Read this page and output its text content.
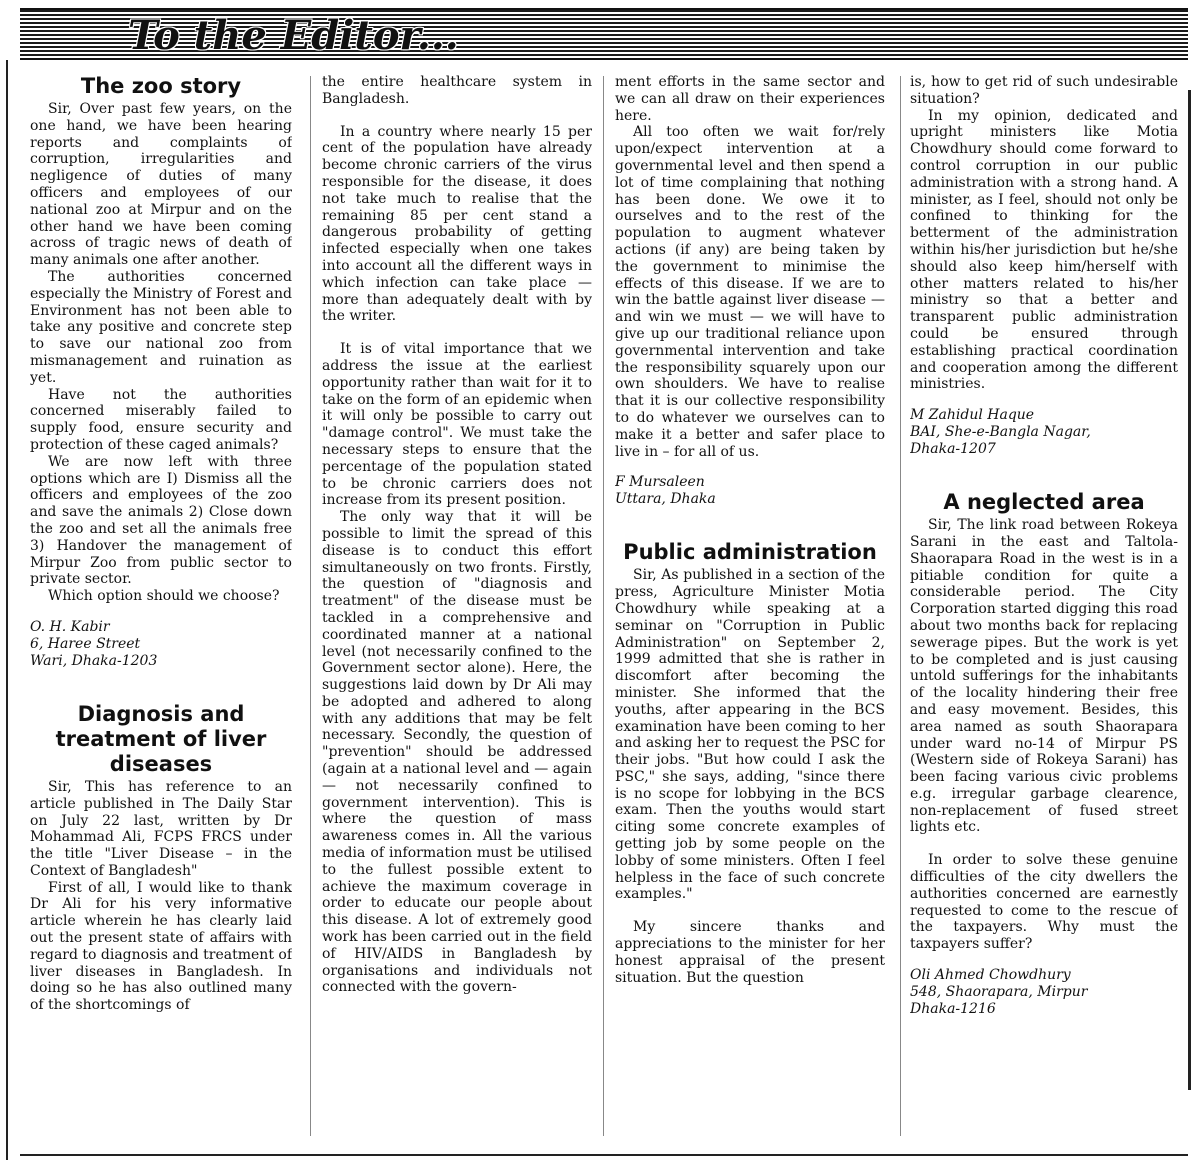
To the Editor...
The zoo story

Sir, Over past few years, on the one hand, we have been hearing reports and complaints of corruption, irregularities and negligence of duties of many officers and employees of our national zoo at Mirpur and on the other hand we have been coming across of tragic news of death of many animals one after another.

The authorities concerned especially the Ministry of Forest and Environment has not been able to take any positive and concrete step to save our national zoo from mismanagement and ruination as yet.

Have not the authorities concerned miserably failed to supply food, ensure security and protection of these caged animals?

We are now left with three options which are I) Dismiss all the officers and employees of the zoo and save the animals 2) Close down the zoo and set all the animals free 3) Handover the management of Mirpur Zoo from public sector to private sector.

Which option should we choose?

O. H. Kabir
6, Haree Street
Wari, Dhaka-1203
Diagnosis and treatment of liver diseases

Sir, This has reference to an article published in The Daily Star on July 22 last, written by Dr Mohammad Ali, FCPS FRCS under the title "Liver Disease – in the Context of Bangladesh"

First of all, I would like to thank Dr Ali for his very informative article wherein he has clearly laid out the present state of affairs with regard to diagnosis and treatment of liver diseases in Bangladesh. In doing so he has also outlined many of the shortcomings of

the entire healthcare system in Bangladesh.

In a country where nearly 15 per cent of the population have already become chronic carriers of the virus responsible for the disease, it does not take much to realise that the remaining 85 per cent stand a dangerous probability of getting infected especially when one takes into account all the different ways in which infection can take place — more than adequately dealt with by the writer.

It is of vital importance that we address the issue at the earliest opportunity rather than wait for it to take on the form of an epidemic when it will only be possible to carry out "damage control". We must take the necessary steps to ensure that the percentage of the population stated to be chronic carriers does not increase from its present position.

The only way that it will be possible to limit the spread of this disease is to conduct this effort simultaneously on two fronts. Firstly, the question of "diagnosis and treatment" of the disease must be tackled in a comprehensive and coordinated manner at a national level (not necessarily confined to the Government sector alone). Here, the suggestions laid down by Dr Ali may be adopted and adhered to along with any additions that may be felt necessary. Secondly, the question of "prevention" should be addressed (again at a national level and — again — not necessarily confined to government intervention). This is where the question of mass awareness comes in. All the various media of information must be utilised to the fullest possible extent to achieve the maximum coverage in order to educate our people about this disease. A lot of extremely good work has been carried out in the field of HIV/AIDS in Bangladesh by organisations and individuals not connected with the govern-

ment efforts in the same sector and we can all draw on their experiences here.

All too often we wait for/rely upon/expect intervention at a governmental level and then spend a lot of time complaining that nothing has been done. We owe it to ourselves and to the rest of the population to augment whatever actions (if any) are being taken by the government to minimise the effects of this disease. If we are to win the battle against liver disease — and win we must — we will have to give up our traditional reliance upon governmental intervention and take the responsibility squarely upon our own shoulders. We have to realise that it is our collective responsibility to do whatever we ourselves can to make it a better and safer place to live in – for all of us.

F Mursaleen
Uttara, Dhaka
Public administration

Sir, As published in a section of the press, Agriculture Minister Motia Chowdhury while speaking at a seminar on "Corruption in Public Administration" on September 2, 1999 admitted that she is rather in discomfort after becoming the minister. She informed that the youths, after appearing in the BCS examination have been coming to her and asking her to request the PSC for their jobs. "But how could I ask the PSC," she says, adding, "since there is no scope for lobbying in the BCS exam. Then the youths would start citing some concrete examples of getting job by some people on the lobby of some ministers. Often I feel helpless in the face of such concrete examples."

My sincere thanks and appreciations to the minister for her honest appraisal of the present situation. But the question

is, how to get rid of such undesirable situation?

In my opinion, dedicated and upright ministers like Motia Chowdhury should come forward to control corruption in our public administration with a strong hand. A minister, as I feel, should not only be confined to thinking for the betterment of the administration within his/her jurisdiction but he/she should also keep him/herself with other matters related to his/her ministry so that a better and transparent public administration could be ensured through establishing practical coordination and cooperation among the different ministries.

M Zahidul Haque
BAI, She-e-Bangla Nagar,
Dhaka-1207
A neglected area

Sir, The link road between Rokeya Sarani in the east and Taltola-Shaorapara Road in the west is in a pitiable condition for quite a considerable period. The City Corporation started digging this road about two months back for replacing sewerage pipes. But the work is yet to be completed and is just causing untold sufferings for the inhabitants of the locality hindering their free and easy movement. Besides, this area named as south Shaorapara under ward no-14 of Mirpur PS (Western side of Rokeya Sarani) has been facing various civic problems e.g. irregular garbage clearence, non-replacement of fused street lights etc.

In order to solve these genuine difficulties of the city dwellers the authorities concerned are earnestly requested to come to the rescue of the taxpayers. Why must the taxpayers suffer?

Oli Ahmed Chowdhury
548, Shaorapara, Mirpur
Dhaka-1216
